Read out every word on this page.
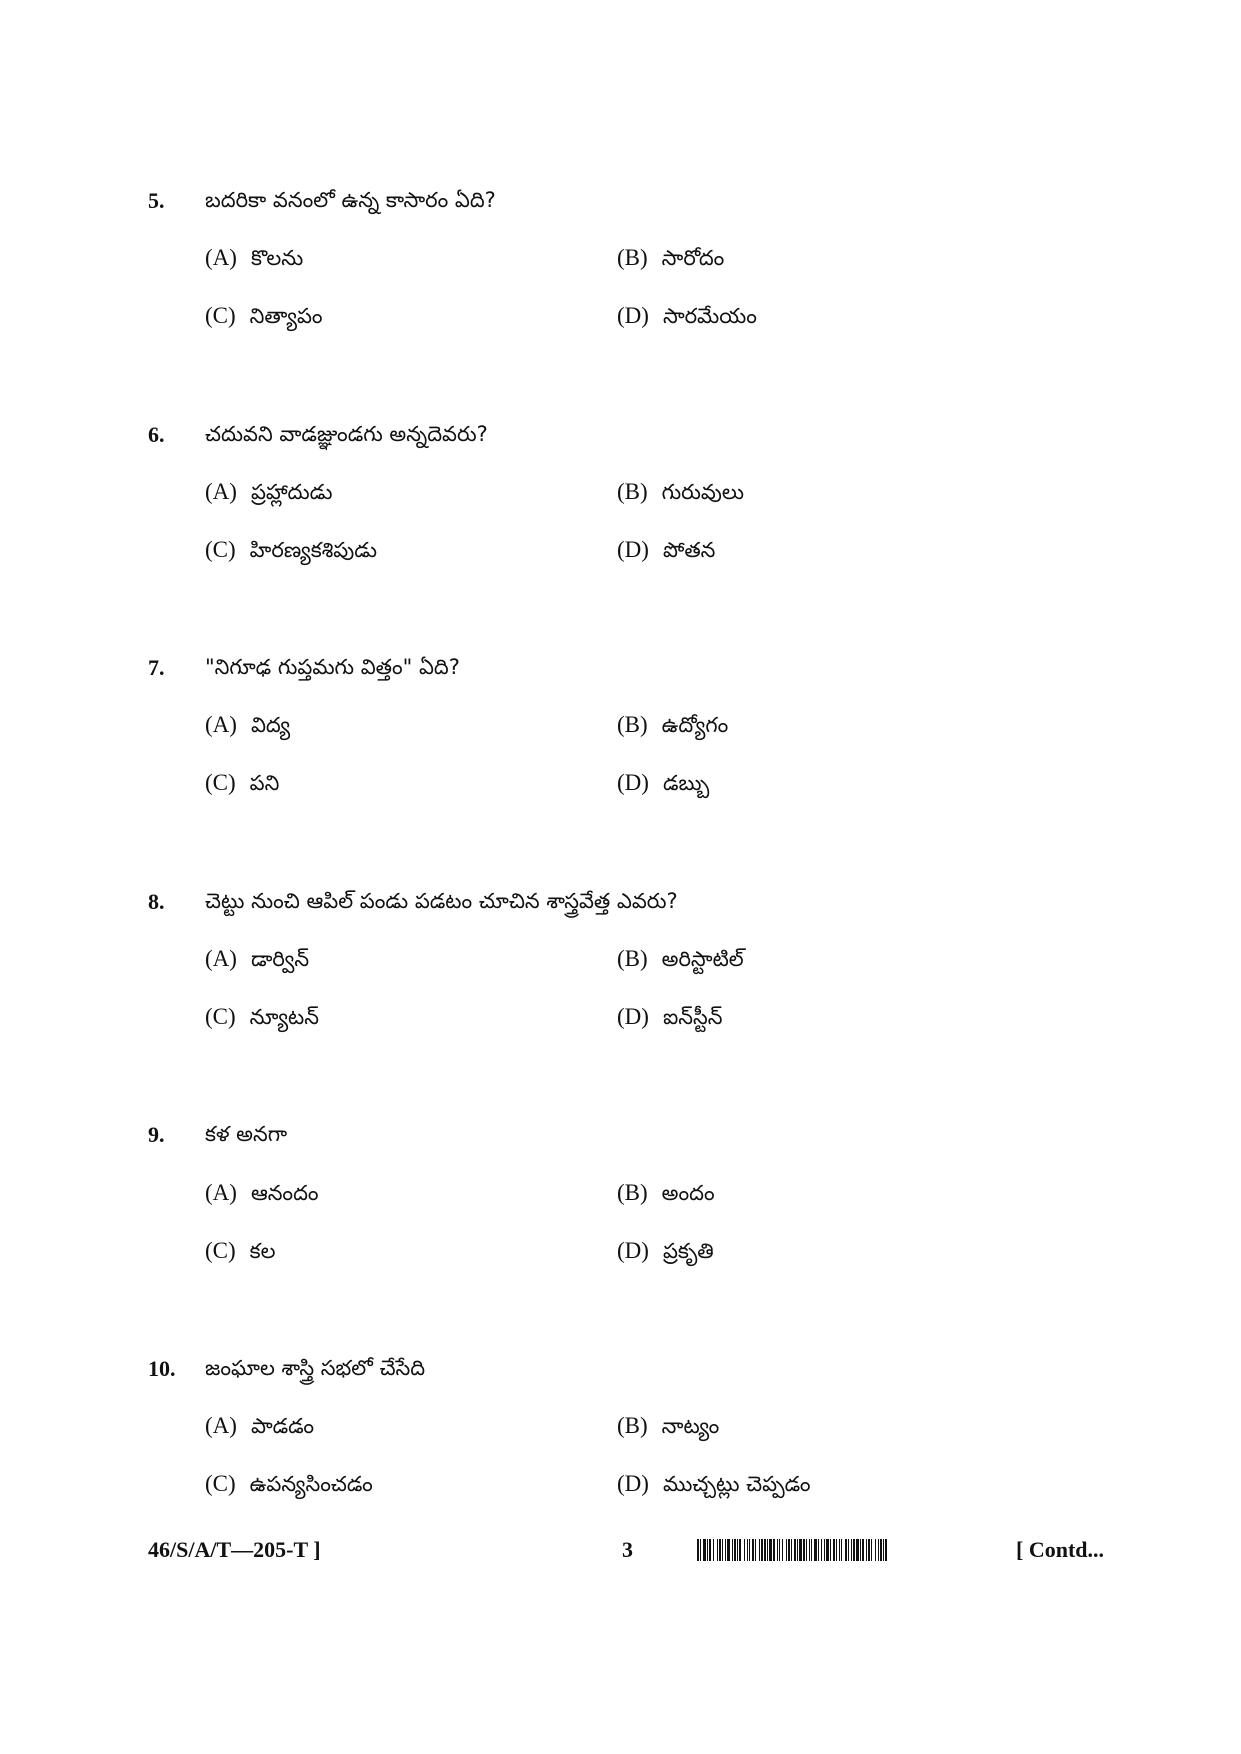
5. బదరికా వనంలో ఉన్న కాసారం ఏది?
(A) కొలను	(B) సారోదం
(C) నిత్యాపం	(D) సారమేయం
6. చదువని వాడజ్ఞుండగు అన్నదెవరు?
(A) ప్రహ్లాదుడు	(B) గురువులు
(C) హిరణ్యకశిపుడు	(D) పోతన
7. "నిగూఢ గుప్తమగు విత్తం" ఏది?
(A) విద్య	(B) ఉద్యోగం
(C) పని	(D) డబ్బు
8. చెట్టు నుంచి ఆపిల్ పండు పడటం చూచిన శాస్త్రవేత్త ఎవరు?
(A) డార్విన్	(B) అరిస్టాటిల్
(C) న్యూటన్	(D) ఐన్‌స్టీన్
9. కళ అనగా
(A) ఆనందం	(B) అందం
(C) కల	(D) ప్రకృతి
10. జంఘాల శాస్త్రి సభలో చేసేది
(A) పాడడం	(B) నాట్యం
(C) ఉపన్యసించడం	(D) ముచ్చట్లు చెప్పడం
46/S/A/T—205-T ]	3	[ Contd...
